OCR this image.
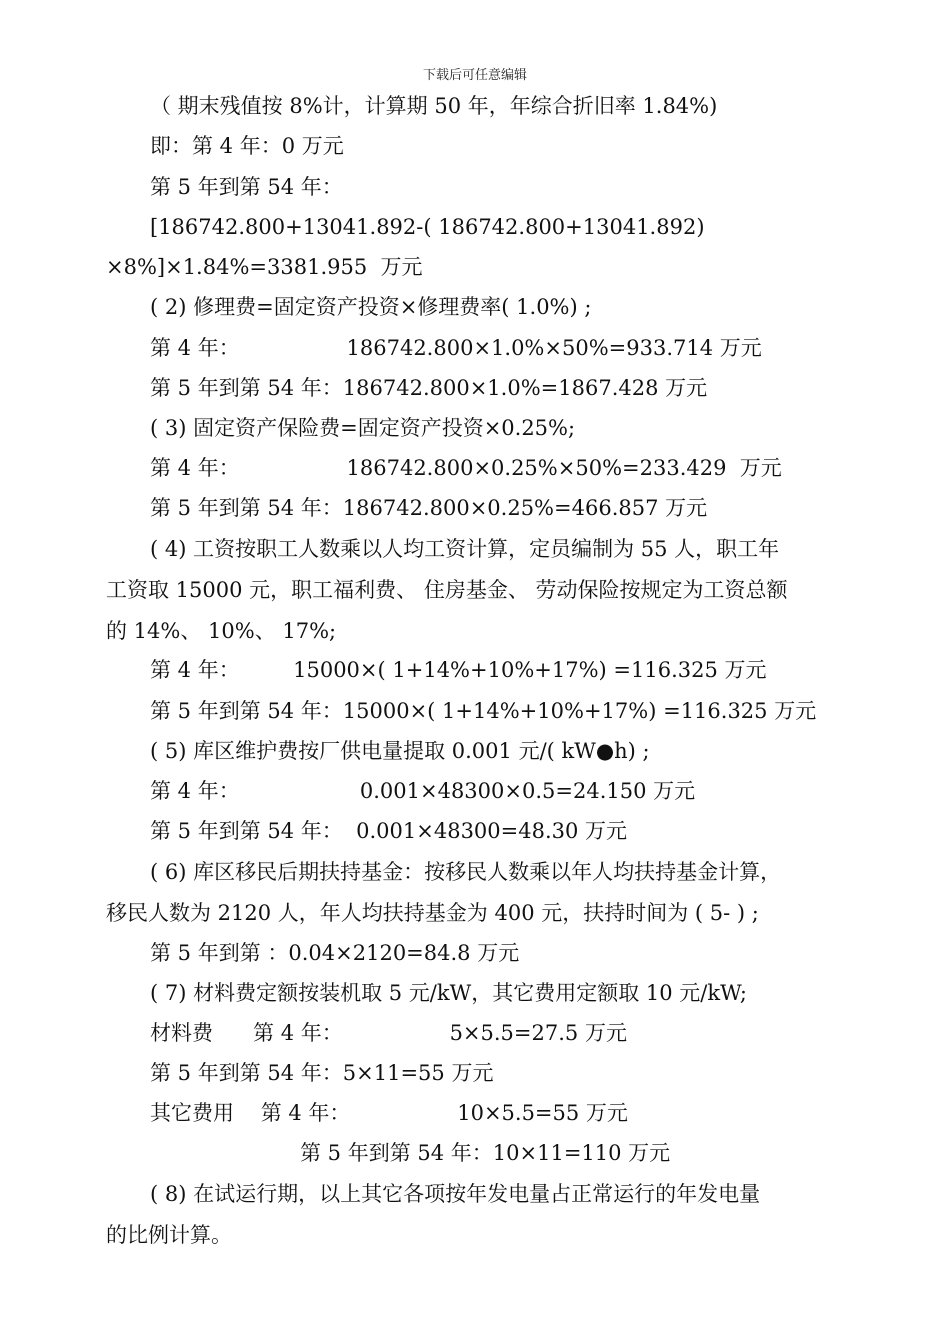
下载后可任意编辑
（ 期末残值按 8%计，计算期 50 年，年综合折旧率 1.84%)
即：第 4 年：0 万元
第 5 年到第 54 年：
[186742.800+13041.892-( 186742.800+13041.892)
×8%]×1.84%=3381.955  万元
( 2) 修理费=固定资产投资×修理费率( 1.0%) ;
第 4 年：                186742.800×1.0%×50%=933.714 万元
第 5 年到第 54 年：186742.800×1.0%=1867.428 万元
( 3) 固定资产保险费=固定资产投资×0.25%;
第 4 年：                186742.800×0.25%×50%=233.429  万元
第 5 年到第 54 年：186742.800×0.25%=466.857 万元
( 4) 工资按职工人数乘以人均工资计算，定员编制为 55 人，职工年
工资取 15000 元，职工福利费、 住房基金、 劳动保险按规定为工资总额
的 14%、 10%、 17%;
第 4 年：        15000×( 1+14%+10%+17%) =116.325 万元
第 5 年到第 54 年：15000×( 1+14%+10%+17%) =116.325 万元
( 5) 库区维护费按厂供电量提取 0.001 元/( kW●h) ;
第 4 年：                  0.001×48300×0.5=24.150 万元
第 5 年到第 54 年：  0.001×48300=48.30 万元
( 6) 库区移民后期扶持基金：按移民人数乘以年人均扶持基金计算，
移民人数为 2120 人，年人均扶持基金为 400 元，扶持时间为 ( 5- ) ;
第 5 年到第 ：0.04×2120=84.8 万元
( 7) 材料费定额按装机取 5 元/kW，其它费用定额取 10 元/kW;
材料费      第 4 年：                5×5.5=27.5 万元
第 5 年到第 54 年：5×11=55 万元
其它费用    第 4 年：                10×5.5=55 万元
第 5 年到第 54 年：10×11=110 万元
( 8) 在试运行期，以上其它各项按年发电量占正常运行的年发电量
的比例计算。
